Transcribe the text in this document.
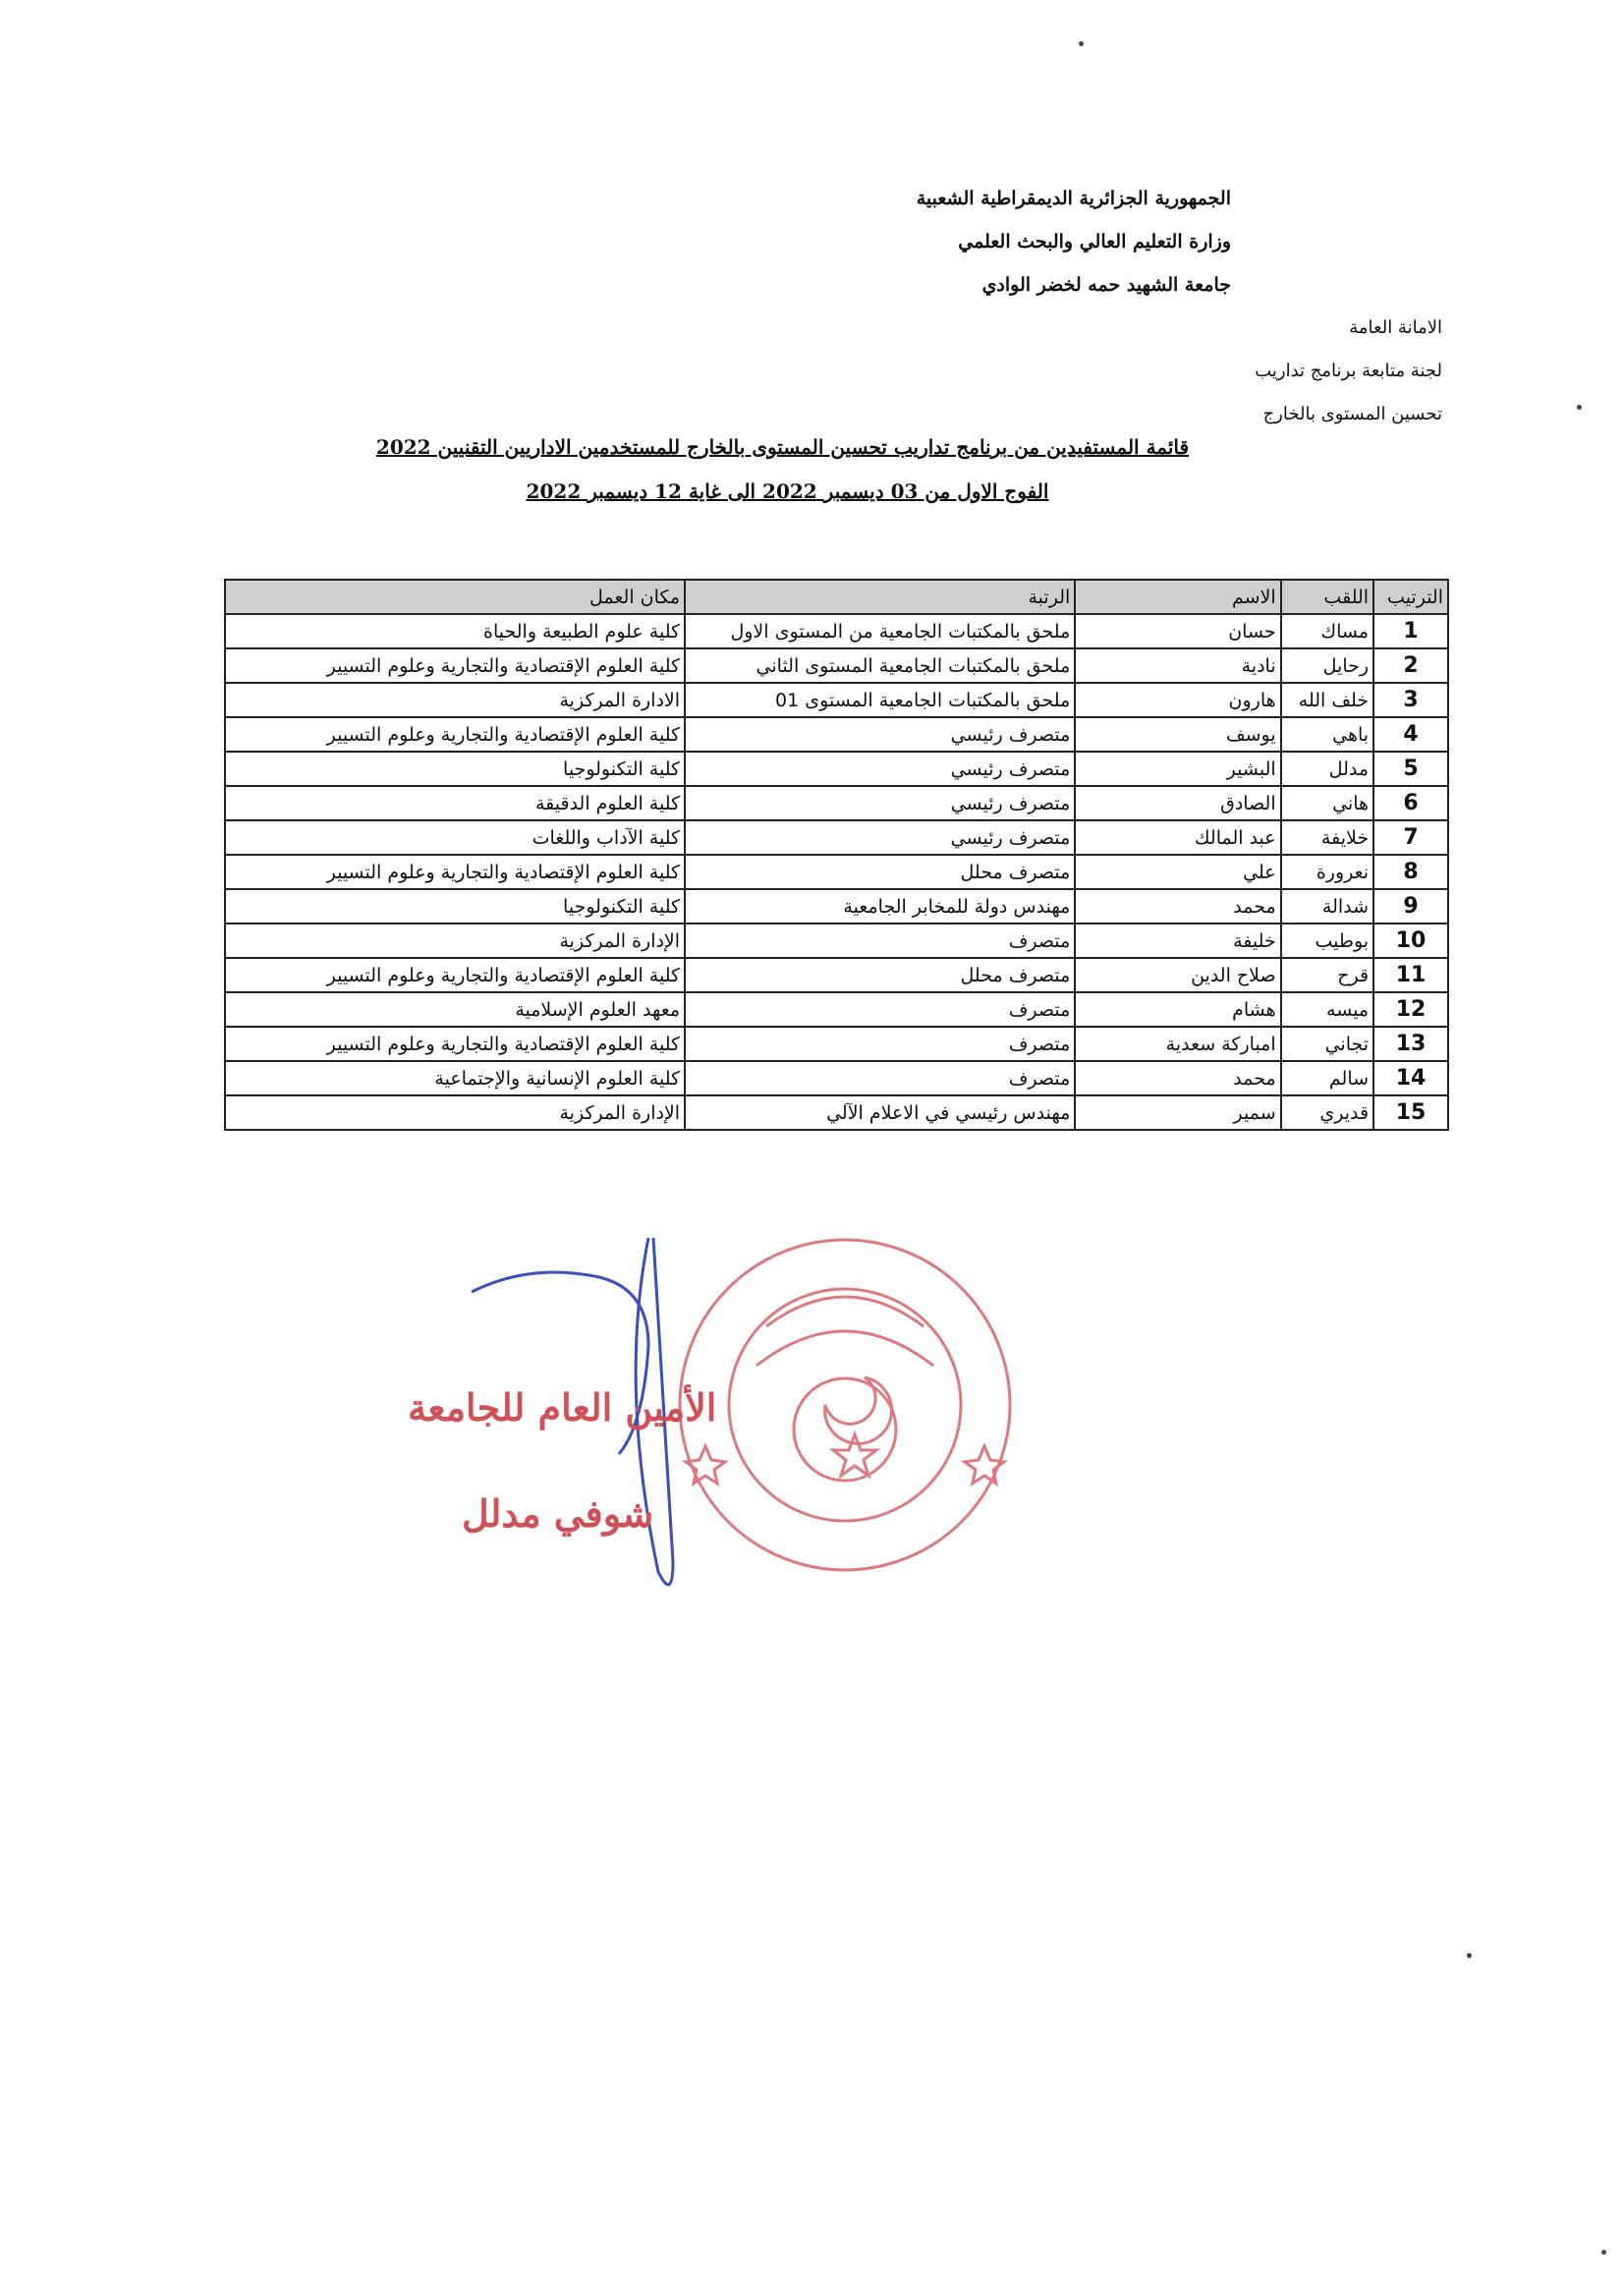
الجمهورية الجزائرية الديمقراطية الشعبية
وزارة التعليم العالي والبحث العلمي
جامعة الشهيد حمه لخضر الوادي
الامانة العامة
لجنة متابعة برنامج تداريب
تحسين المستوى بالخارج
قائمة المستفيدين من برنامج تداريب تحسين المستوى بالخارج للمستخدمين الاداريين التقنيين 2022
الفوج الاول من 03 ديسمبر 2022 الى غاية 12 ديسمبر 2022
الترتيب	اللقب	الاسم	الرتبة	مكان العمل
1	مساك	حسان	ملحق بالمكتبات الجامعية من المستوى الاول	كلية علوم الطبيعة والحياة
2	رحايل	نادية	ملحق بالمكتبات الجامعية المستوى الثاني	كلية العلوم الإقتصادية والتجارية وعلوم التسيير
3	خلف الله	هارون	ملحق بالمكتبات الجامعية المستوى 01	الادارة المركزية
4	باهي	يوسف	متصرف رئيسي	كلية العلوم الإقتصادية والتجارية وعلوم التسيير
5	مدلل	البشير	متصرف رئيسي	كلية التكنولوجيا
6	هاني	الصادق	متصرف رئيسي	كلية العلوم الدقيقة
7	خلايفة	عبد المالك	متصرف رئيسي	كلية الآداب واللغات
8	نعرورة	علي	متصرف محلل	كلية العلوم الإقتصادية والتجارية وعلوم التسيير
9	شدالة	محمد	مهندس دولة للمخابر الجامعية	كلية التكنولوجيا
10	بوطيب	خليفة	متصرف	الإدارة المركزية
11	قرح	صلاح الدين	متصرف محلل	كلية العلوم الإقتصادية والتجارية وعلوم التسيير
12	ميسه	هشام	متصرف	معهد العلوم الإسلامية
13	تجاني	امباركة سعدية	متصرف	كلية العلوم الإقتصادية والتجارية وعلوم التسيير
14	سالم	محمد	متصرف	كلية العلوم الإنسانية والإجتماعية
15	قديري	سمير	مهندس رئيسي في الاعلام الآلي	الإدارة المركزية
الأمين العام للجامعة
شوفي مدلل
